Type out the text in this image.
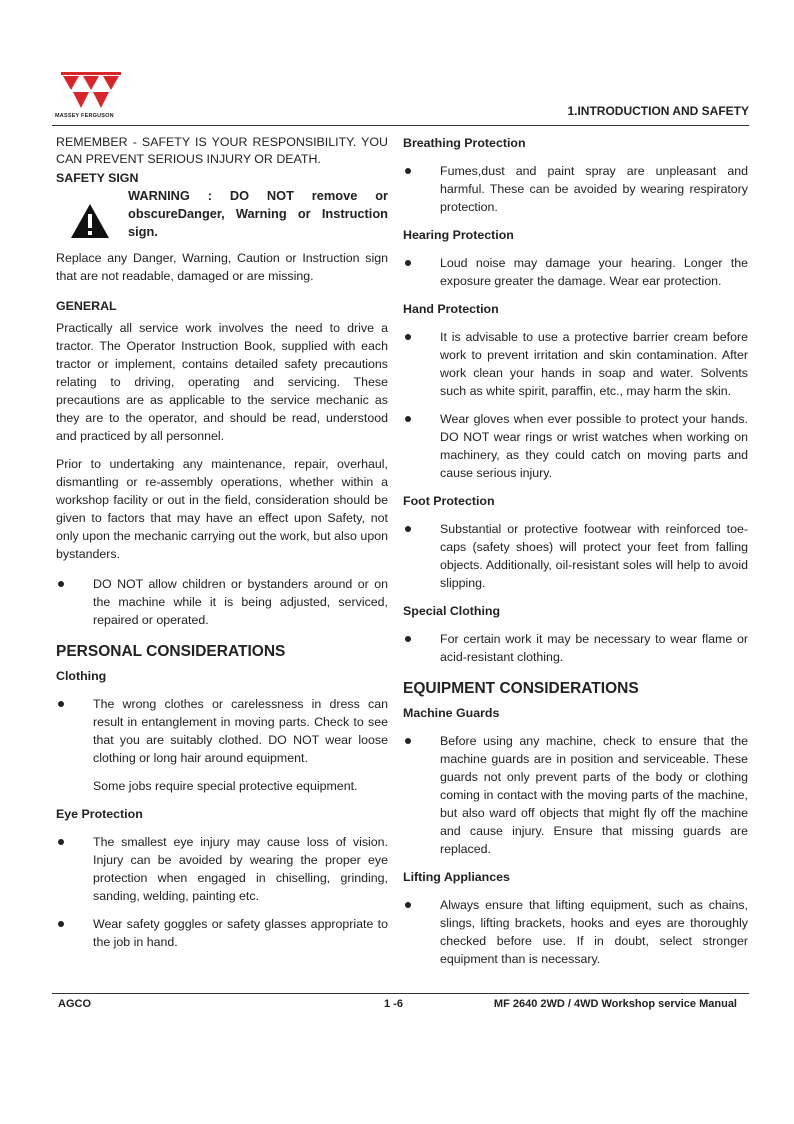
MASSEY FERGUSON	1.INTRODUCTION AND SAFETY

REMEMBER - SAFETY IS YOUR RESPONSIBILITY. YOU CAN PREVENT SERIOUS INJURY OR DEATH.

SAFETY SIGN

WARNING : DO NOT remove or obscureDanger, Warning or Instruction sign.

Replace any Danger, Warning, Caution or Instruction sign that are not readable, damaged or are missing.

GENERAL

Practically all service work involves the need to drive a tractor. The Operator Instruction Book, supplied with each tractor or implement, contains detailed safety precautions relating to driving, operating and servicing. These precautions are as applicable to the service mechanic as they are to the operator, and should be read, understood and practiced by all personnel.

Prior to undertaking any maintenance, repair, overhaul, dismantling or re-assembly operations, whether within a workshop facility or out in the field, consideration should be given to factors that may have an effect upon Safety, not only upon the mechanic carrying out the work, but also upon bystanders.

DO NOT allow children or bystanders around or on the machine while it is being adjusted, serviced, repaired or operated.

PERSONAL CONSIDERATIONS

Clothing

The wrong clothes or carelessness in dress can result in entanglement in moving parts. Check to see that you are suitably clothed. DO NOT wear loose clothing or long hair around equipment.

Some jobs require special protective equipment.

Eye Protection

The smallest eye injury may cause loss of vision. Injury can be avoided by wearing the proper eye protection when engaged in chiselling, grinding, sanding, welding, painting etc.
Wear safety goggles or safety glasses appropriate to the job in hand.

Breathing Protection

Fumes,dust and paint spray are unpleasant and harmful. These can be avoided by wearing respiratory protection.

Hearing Protection

Loud noise may damage your hearing. Longer the exposure greater the damage. Wear ear protection.

Hand Protection

It is advisable to use a protective barrier cream before work to prevent irritation and skin contamination. After work clean your hands in soap and water. Solvents such as white spirit, paraffin, etc., may harm the skin.
Wear gloves when ever possible to protect your hands. DO NOT wear rings or wrist watches when working on machinery, as they could catch on moving parts and cause serious injury.

Foot Protection

Substantial or protective footwear with reinforced toe-caps (safety shoes) will protect your feet from falling objects. Additionally, oil-resistant soles will help to avoid slipping.

Special Clothing

For certain work it may be necessary to wear flame or acid-resistant clothing.

EQUIPMENT CONSIDERATIONS

Machine Guards

Before using any machine, check to ensure that the machine guards are in position and serviceable. These guards not only prevent parts of the body or clothing coming in contact with the moving parts of the machine, but also ward off objects that might fly off the machine and cause injury. Ensure that missing guards are replaced.

Lifting Appliances

Always ensure that lifting equipment, such as chains, slings, lifting brackets, hooks and eyes are thoroughly checked before use. If in doubt, select stronger equipment than is necessary.
AGCO	1 -6	MF 2640 2WD / 4WD Workshop service Manual
